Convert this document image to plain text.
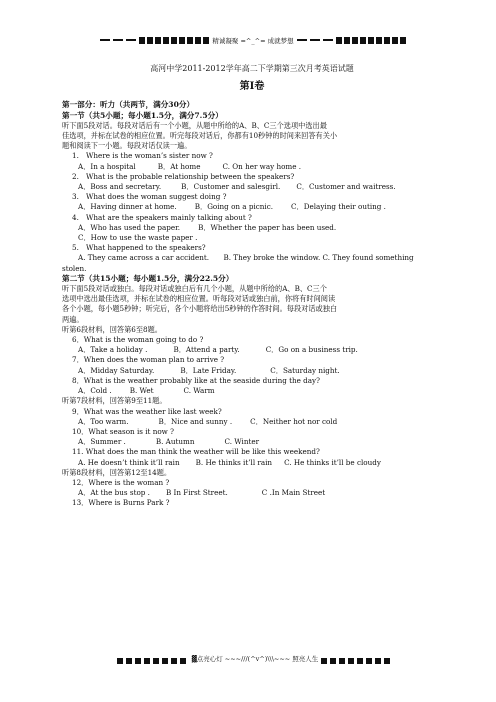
精诚凝聚 =^_^= 成就梦想
高河中学2011-2012学年高二下学期第三次月考英语试题
第Ⅰ卷
第一部分：听力（共两节，满分30分）
第一节（共5小题；每小题1.5分，满分7.5分）
听下面5段对话。每段对话后有一个小题，从题中所给的A、B、C三个选项中选出最
佳选项，并标在试卷的相应位置。听完每段对话后，你都有10秒钟的时间来回答有关小
题和阅读下一小题。每段对话仅读一遍。
1.　Where is the woman’s sister now ?
A．In a hospital	B．At home	C. On her way home .
2.　What is the probable relationship between the speakers?
A．Boss and secretary.	B．Customer and salesgirl. C．Customer and waitress.
3.　What does the woman suggest doing ?
A．Having dinner at home.	B．Going on a picnic.	C．Delaying their outing .
4.　What are the speakers mainly talking about ?
A．Who has used the paper.	B．Whether the paper has been used.
C．How to use the waste paper .
5.　What happened to the speakers?
A. They came across a car accident.　　B. They broke the window. C. They found something
stolen.
第二节（共15小题；每小题1.5分，满分22.5分）
听下面5段对话或独白。每段对话或独白后有几个小题，从题中所给的A、B、C三个
选项中选出最佳选项，并标在试卷的相应位置。听每段对话或独白前，你将有时间阅读
各个小题，每小题5秒钟；听完后，各个小题将给出5秒钟的作答时间。每段对话或独白
两遍。
听第6段材料，回答第6至8题。
6．What is the woman going to do ?
A．Take a holiday .	B．Attend a party.	C．Go on a business trip.
7．When does the woman plan to arrive ?
A．Midday Saturday.	B．Late Friday.	C．Saturday night.
8．What is the weather probably like at the seaside during the day?
A．Cold .	B. Wet	C. Warm
听第7段材料，回答第9至11题。
9．What was the weather like last week?
A．Too warm.	B．Nice and sunny .	C．Neither hot nor cold
10．What season is it now ?
A．Summer .	B. Autumn	C. Winter
11. What does the man think the weather will be like this weekend?
A. He doesn’t think it’ll rain B. He thinks it’ll rain C. He thinks it’ll be cloudy
听第8段材料，回答第12至14题。
12．Where is the woman ?
A．At the bus stop . B In First Street.	C .In Main Street
13．Where is Burns Park ?
▓点亮心灯 ~~~///(^v^)\\\~~~ 照亮人生
